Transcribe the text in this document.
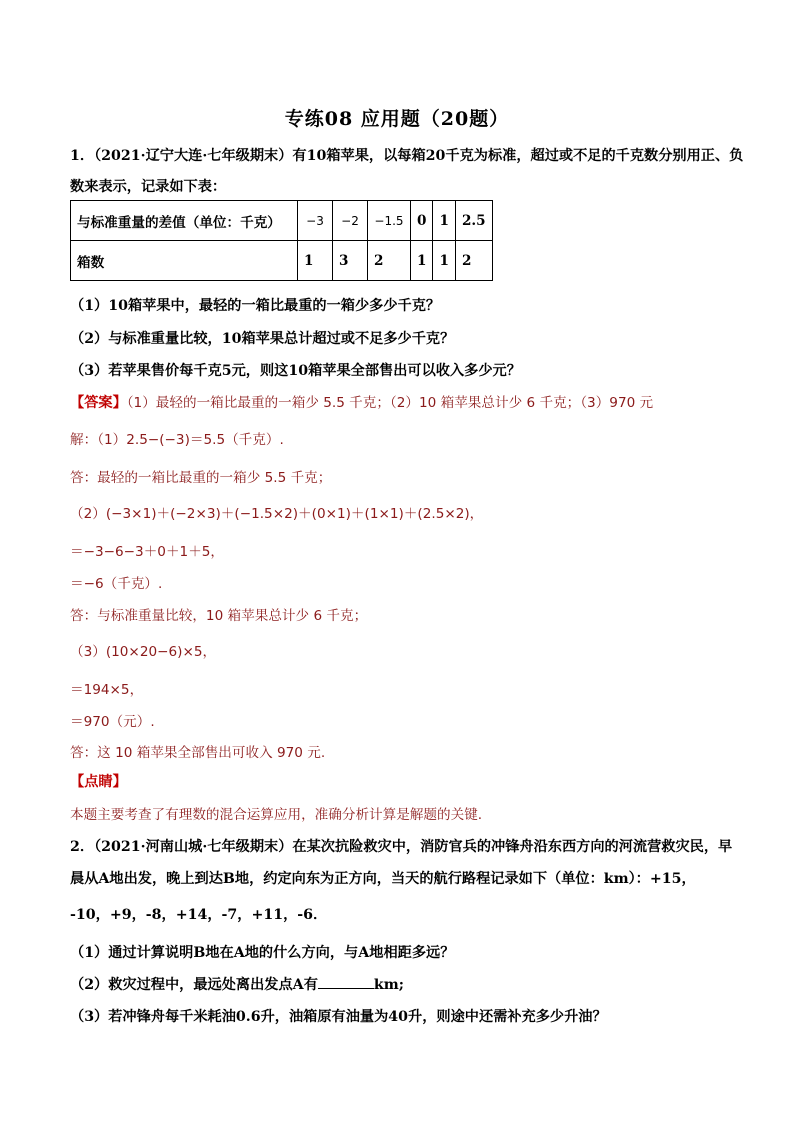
专练08 应用题（20题）
1．（2021·辽宁大连·七年级期末）有10箱苹果，以每箱20千克为标准，超过或不足的千克数分别用正、负
数来表示，记录如下表：
与标准重量的差值（单位：千克）	−3	−2	−1.5	0	1	2.5
箱数	1	3	2	1	1	2
（1）10箱苹果中，最轻的一箱比最重的一箱少多少千克？
（2）与标准重量比较，10箱苹果总计超过或不足多少千克？
（3）若苹果售价每千克5元，则这10箱苹果全部售出可以收入多少元？
【答案】（1）最轻的一箱比最重的一箱少 5.5 千克；（2）10 箱苹果总计少 6 千克；（3）970 元
解：（1）2.5−(−3)＝5.5（千克）.
答：最轻的一箱比最重的一箱少 5.5 千克；
（2）(−3×1)＋(−2×3)＋(−1.5×2)＋(0×1)＋(1×1)＋(2.5×2)，
＝−3−6−3＋0＋1＋5，
＝−6（千克）.
答：与标准重量比较，10 箱苹果总计少 6 千克；
（3）(10×20−6)×5，
＝194×5，
＝970（元）.
答：这 10 箱苹果全部售出可收入 970 元.
【点睛】
本题主要考查了有理数的混合运算应用，准确分析计算是解题的关键.
2．（2021·河南山城·七年级期末）在某次抗险救灾中，消防官兵的冲锋舟沿东西方向的河流营救灾民，早
晨从A地出发，晚上到达B地，约定向东为正方向，当天的航行路程记录如下（单位：km）：+15，
-10，+9，-8，+14，-7，+11，-6．
（1）通过计算说明B地在A地的什么方向，与A地相距多远？
（2）救灾过程中，最远处离出发点A有	km;
（3）若冲锋舟每千米耗油0.6升，油箱原有油量为40升，则途中还需补充多少升油？
